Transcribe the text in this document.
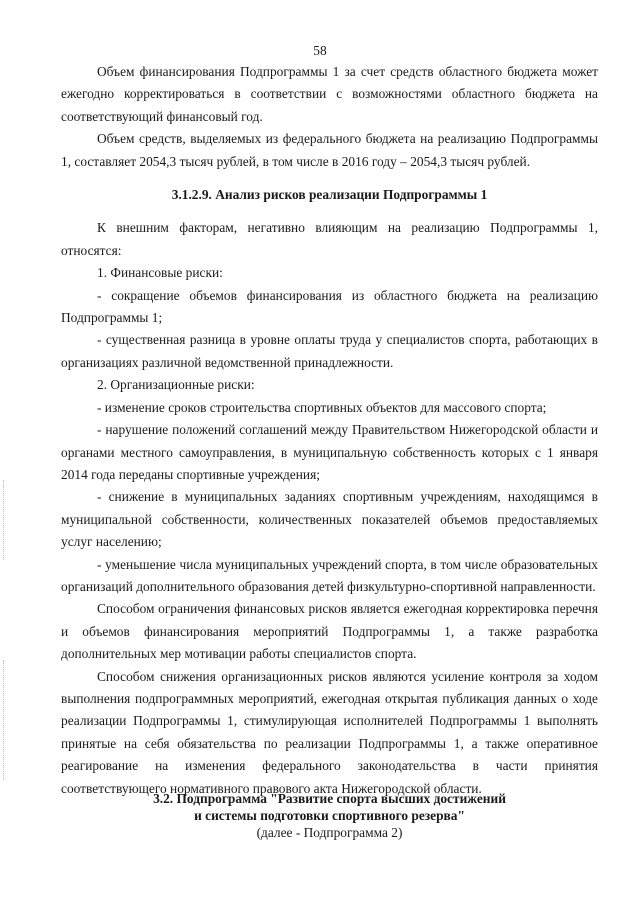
58

Объем финансирования Подпрограммы 1 за счет средств областного бюджета может ежегодно корректироваться в соответствии с возможностями областного бюджета на соответствующий финансовый год.

Объем средств, выделяемых из федерального бюджета на реализацию Подпрограммы 1, составляет 2054,3 тысяч рублей, в том числе в 2016 году – 2054,3 тысяч рублей.

3.1.2.9. Анализ рисков реализации Подпрограммы 1

К внешним факторам, негативно влияющим на реализацию Подпрограммы 1, относятся:

1. Финансовые риски:

- сокращение объемов финансирования из областного бюджета на реализацию Подпрограммы 1;

- существенная разница в уровне оплаты труда у специалистов спорта, работающих в организациях различной ведомственной принадлежности.

2. Организационные риски:

- изменение сроков строительства спортивных объектов для массового спорта;

- нарушение положений соглашений между Правительством Нижегородской области и органами местного самоуправления, в муниципальную собственность которых с 1 января 2014 года переданы спортивные учреждения;

- снижение в муниципальных заданиях спортивным учреждениям, находящимся в муниципальной собственности, количественных показателей объемов предоставляемых услуг населению;

- уменьшение числа муниципальных учреждений спорта, в том числе образовательных организаций дополнительного образования детей физкультурно-спортивной направленности.

Способом ограничения финансовых рисков является ежегодная корректировка перечня и объемов финансирования мероприятий Подпрограммы 1, а также разработка дополнительных мер мотивации работы специалистов спорта.

Способом снижения организационных рисков являются усиление контроля за ходом выполнения подпрограммных мероприятий, ежегодная открытая публикация данных о ходе реализации Подпрограммы 1, стимулирующая исполнителей Подпрограммы 1 выполнять принятые на себя обязательства по реализации Подпрограммы 1, а также оперативное реагирование на изменения федерального законодательства в части принятия соответствующего нормативного правового акта Нижегородской области.

3.2. Подпрограмма "Развитие спорта высших достижений
и системы подготовки спортивного резерва"
(далее - Подпрограмма 2)
